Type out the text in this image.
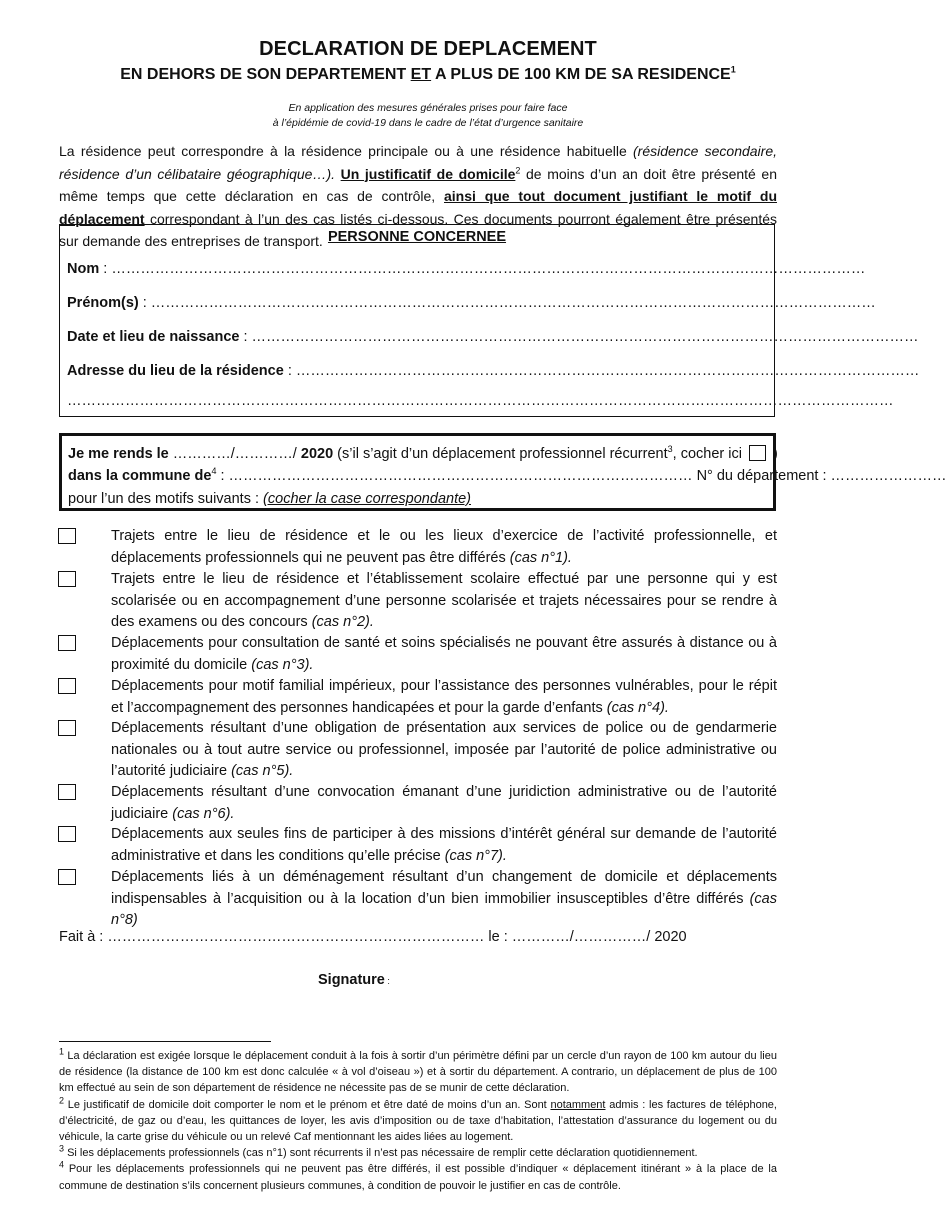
DECLARATION DE DEPLACEMENT
EN DEHORS DE SON DEPARTEMENT ET A PLUS DE 100 KM DE SA RESIDENCE$^1$
En application des mesures générales prises pour faire face
à l’épidémie de covid-19 dans le cadre de l’état d’urgence sanitaire
La résidence peut correspondre à la résidence principale ou à une résidence habituelle (résidence secondaire, résidence d’un célibataire géographique…). Un justificatif de domicile$^2$ de moins d’un an doit être présenté en même temps que cette déclaration en cas de contrôle, ainsi que tout document justifiant le motif du déplacement correspondant à l’un des cas listés ci-dessous. Ces documents pourront également être présentés sur demande des entreprises de transport. PERSONNE CONCERNEE
Nom : …………………………………………………………………………………………………………………………………………
Prénom(s) : ……………………………………………………………………………………………………………………………………
Date et lieu de naissance : …………………………………………………………………………………………………………………………
Adresse du lieu de la résidence : …………………………………………………………………………………………………………………
………………………………………………………………………………………………………………………………………………………
Je me rends le …………/…………/ 2020 (s’il s’agit d’un déplacement professionnel récurrent$^3$, cocher ici  )
dans la commune $de^4$ : …………………………………………………………………………………… N° du département : ……………………
pour l’un des motifs suivants : (cocher la case correspondante)
Trajets entre le lieu de résidence et le ou les lieux d’exercice de l’activité professionnelle, et déplacements professionnels qui ne peuvent pas être différés (cas n°1).
Trajets entre le lieu de résidence et l’établissement scolaire effectué par une personne qui y est scolarisée ou en accompagnement d’une personne scolarisée et trajets nécessaires pour se rendre à des examens ou des concours (cas n°2).
Déplacements pour consultation de santé et soins spécialisés ne pouvant être assurés à distance ou à proximité du domicile (cas n°3).
Déplacements pour motif familial impérieux, pour l’assistance des personnes vulnérables, pour le répit et l’accompagnement des personnes handicapées et pour la garde d’enfants (cas n°4).
Déplacements résultant d’une obligation de présentation aux services de police ou de gendarmerie nationales ou à tout autre service ou professionnel, imposée par l’autorité de police administrative ou l’autorité judiciaire (cas n°5).
Déplacements résultant d’une convocation émanant d’une juridiction administrative ou de l’autorité judiciaire (cas n°6).
Déplacements aux seules fins de participer à des missions d’intérêt général sur demande de l’autorité administrative et dans les conditions qu’elle précise (cas n°7).
Déplacements liés à un déménagement résultant d’un changement de domicile et déplacements indispensables à l’acquisition ou à la location d’un bien immobilier insusceptibles d’être différés (cas n°8)
Fait à : …………………………………………………………………… le : …………/……………/ 2020
Signature :

$^1$ La déclaration est exigée lorsque le déplacement conduit à la fois à sortir d’un périmètre défini par un cercle d’un rayon de 100 km autour du lieu de résidence (la distance de 100 km est donc calculée « à vol d’oiseau ») et à sortir du département. A contrario, un déplacement de plus de 100 km effectué au sein de son département de résidence ne nécessite pas de se munir de cette déclaration.

$^2$ Le justificatif de domicile doit comporter le nom et le prénom et être daté de moins d’un an. Sont notamment admis : les factures de téléphone, d’électricité, de gaz ou d’eau, les quittances de loyer, les avis d’imposition ou de taxe d’habitation, l’attestation d’assurance du logement ou du véhicule, la carte grise du véhicule ou un relevé Caf mentionnant les aides liées au logement.

$^3$ Si les déplacements professionnels (cas n°1) sont récurrents il n’est pas nécessaire de remplir cette déclaration quotidiennement.

$^4$ Pour les déplacements professionnels qui ne peuvent pas être différés, il est possible d’indiquer « déplacement itinérant » à la place de la commune de destination s’ils concernent plusieurs communes, à condition de pouvoir le justifier en cas de contrôle.
